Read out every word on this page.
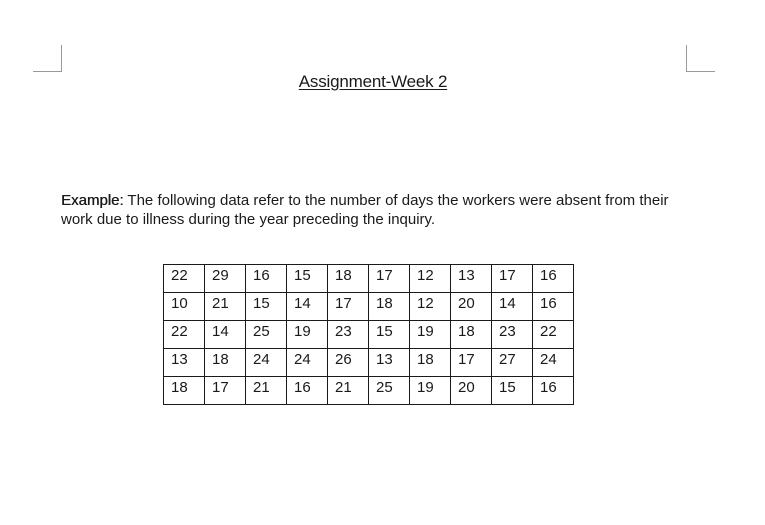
Assignment-Week 2
Example: The following data refer to the number of days the workers were absent from their work due to illness during the year preceding the inquiry.
22	29	16	15	18	17	12	13	17	16
10	21	15	14	17	18	12	20	14	16
22	14	25	19	23	15	19	18	23	22
13	18	24	24	26	13	18	17	27	24
18	17	21	16	21	25	19	20	15	16
